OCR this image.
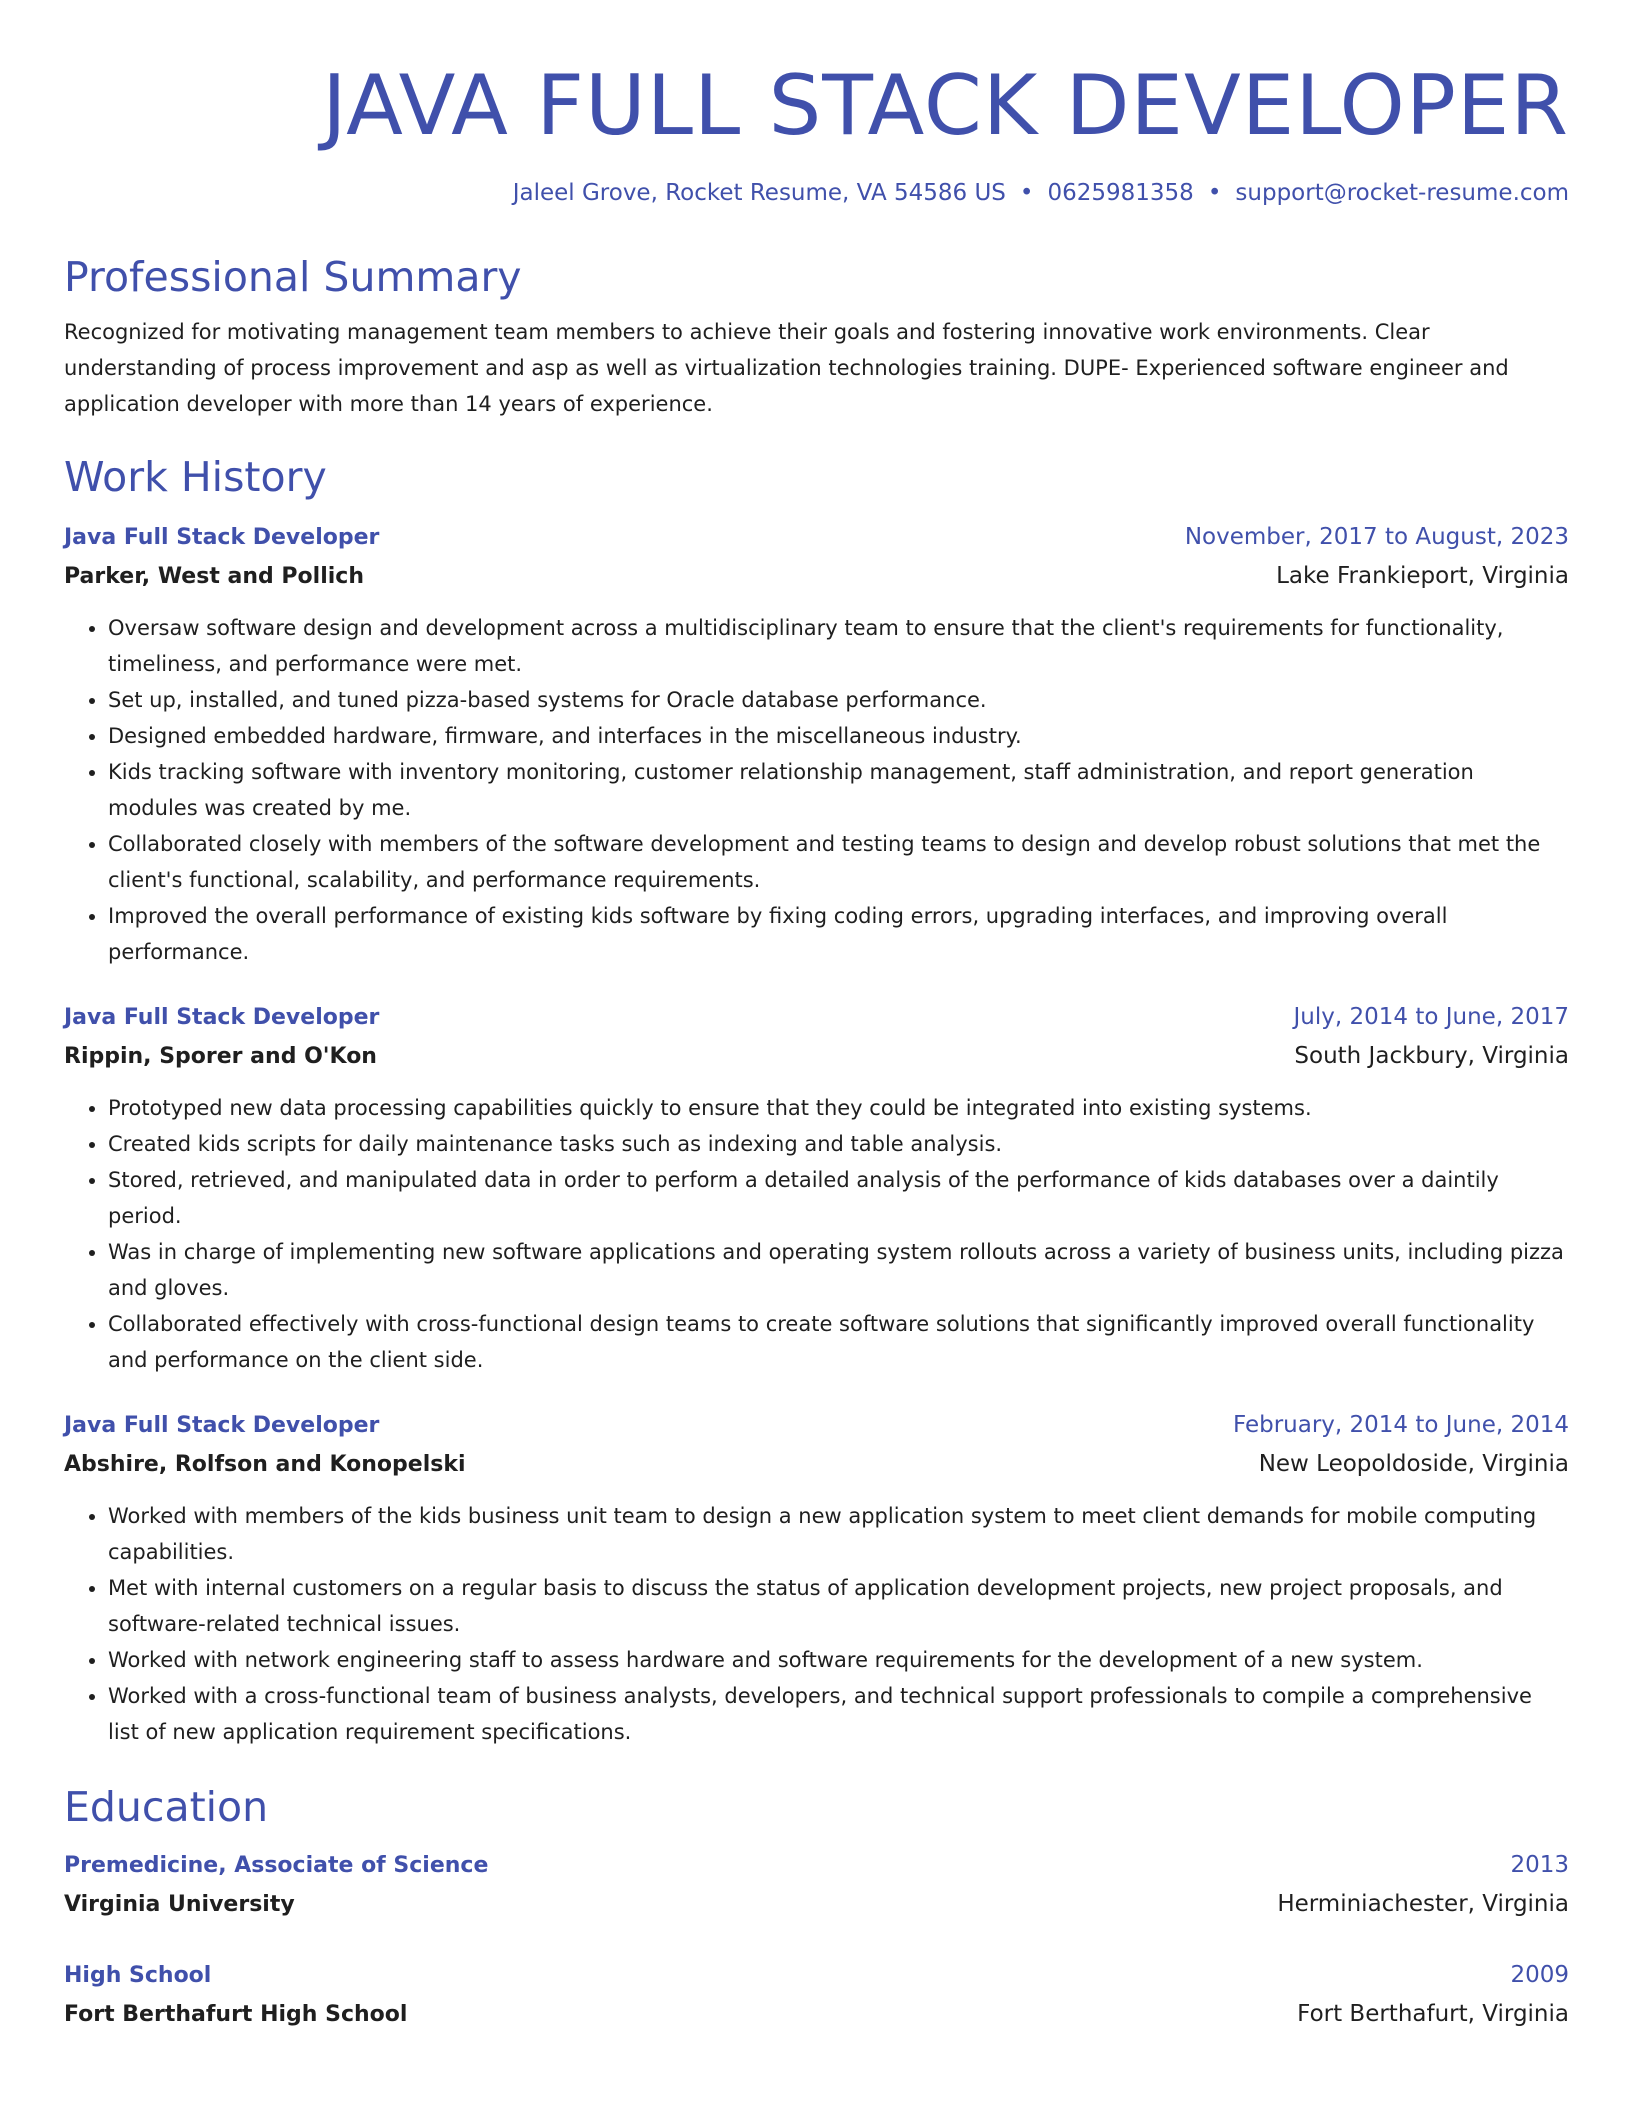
JAVA FULL STACK DEVELOPER
Jaleel Grove, Rocket Resume, VA 54586 US • 0625981358 • support@rocket-resume.com
Professional Summary

Recognized for motivating management team members to achieve their goals and fostering innovative work environments. Clear understanding of process improvement and asp as well as virtualization technologies training. DUPE- Experienced software engineer and application developer with more than 14 years of experience.

Work History
Java Full Stack Developer	November, 2017 to August, 2023
Parker, West and Pollich	Lake Frankieport, Virginia
• Oversaw software design and development across a multidisciplinary team to ensure that the client's requirements for functionality, timeliness, and performance were met.
• Set up, installed, and tuned pizza-based systems for Oracle database performance.
• Designed embedded hardware, firmware, and interfaces in the miscellaneous industry.
• Kids tracking software with inventory monitoring, customer relationship management, staff administration, and report generation modules was created by me.
• Collaborated closely with members of the software development and testing teams to design and develop robust solutions that met the client's functional, scalability, and performance requirements.
• Improved the overall performance of existing kids software by fixing coding errors, upgrading interfaces, and improving overall performance.
Java Full Stack Developer	July, 2014 to June, 2017
Rippin, Sporer and O'Kon	South Jackbury, Virginia
• Prototyped new data processing capabilities quickly to ensure that they could be integrated into existing systems.
• Created kids scripts for daily maintenance tasks such as indexing and table analysis.
• Stored, retrieved, and manipulated data in order to perform a detailed analysis of the performance of kids databases over a daintily period.
• Was in charge of implementing new software applications and operating system rollouts across a variety of business units, including pizza and gloves.
• Collaborated effectively with cross-functional design teams to create software solutions that significantly improved overall functionality and performance on the client side.
Java Full Stack Developer	February, 2014 to June, 2014
Abshire, Rolfson and Konopelski	New Leopoldoside, Virginia
• Worked with members of the kids business unit team to design a new application system to meet client demands for mobile computing capabilities.
• Met with internal customers on a regular basis to discuss the status of application development projects, new project proposals, and software-related technical issues.
• Worked with network engineering staff to assess hardware and software requirements for the development of a new system.
• Worked with a cross-functional team of business analysts, developers, and technical support professionals to compile a comprehensive list of new application requirement specifications.
Education
Premedicine, Associate of Science	2013
Virginia University	Herminiachester, Virginia
High School	2009
Fort Berthafurt High School	Fort Berthafurt, Virginia
